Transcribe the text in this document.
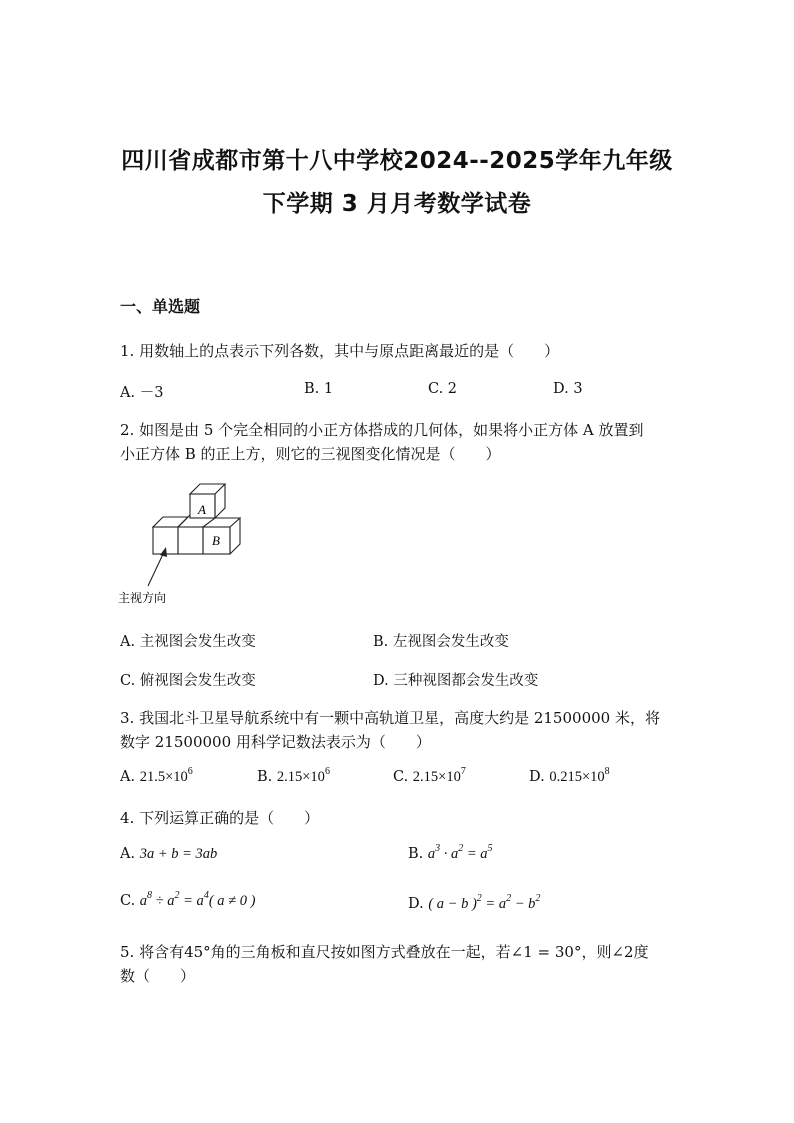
四川省成都市第十八中学校2024--2025学年九年级
下学期 3 月月考数学试卷
一、单选题
1. 用数轴上的点表示下列各数，其中与原点距离最近的是（　　）
A. －3	B. 1	C. 2	D. 3
2. 如图是由 5 个完全相同的小正方体搭成的几何体，如果将小正方体 A 放置到
小正方体 B 的正上方，则它的三视图变化情况是（　　）
A
B
主视方向
A. 主视图会发生改变	B. 左视图会发生改变
C. 俯视图会发生改变	D. 三种视图都会发生改变
3. 我国北斗卫星导航系统中有一颗中高轨道卫星，高度大约是 21500000 米，将
数字 21500000 用科学记数法表示为（　　）
A. $21.5\times 10^6$	B. $2.15\times 10^6$	C. $2.15\times 10^7$	D. $0.215\times 10^8$
4. 下列运算正确的是（　　）
A. 3a + b = 3ab	B. $a^3 \cdot a^2 = a^5$
C. $a^8 \div a^2 = a^4$( a ≠ 0 )	D. ( a − b )$^2 = a^2 - b^2$
5. 将含有45°角的三角板和直尺按如图方式叠放在一起，若∠1 = 30°，则∠2度
数（　　）
